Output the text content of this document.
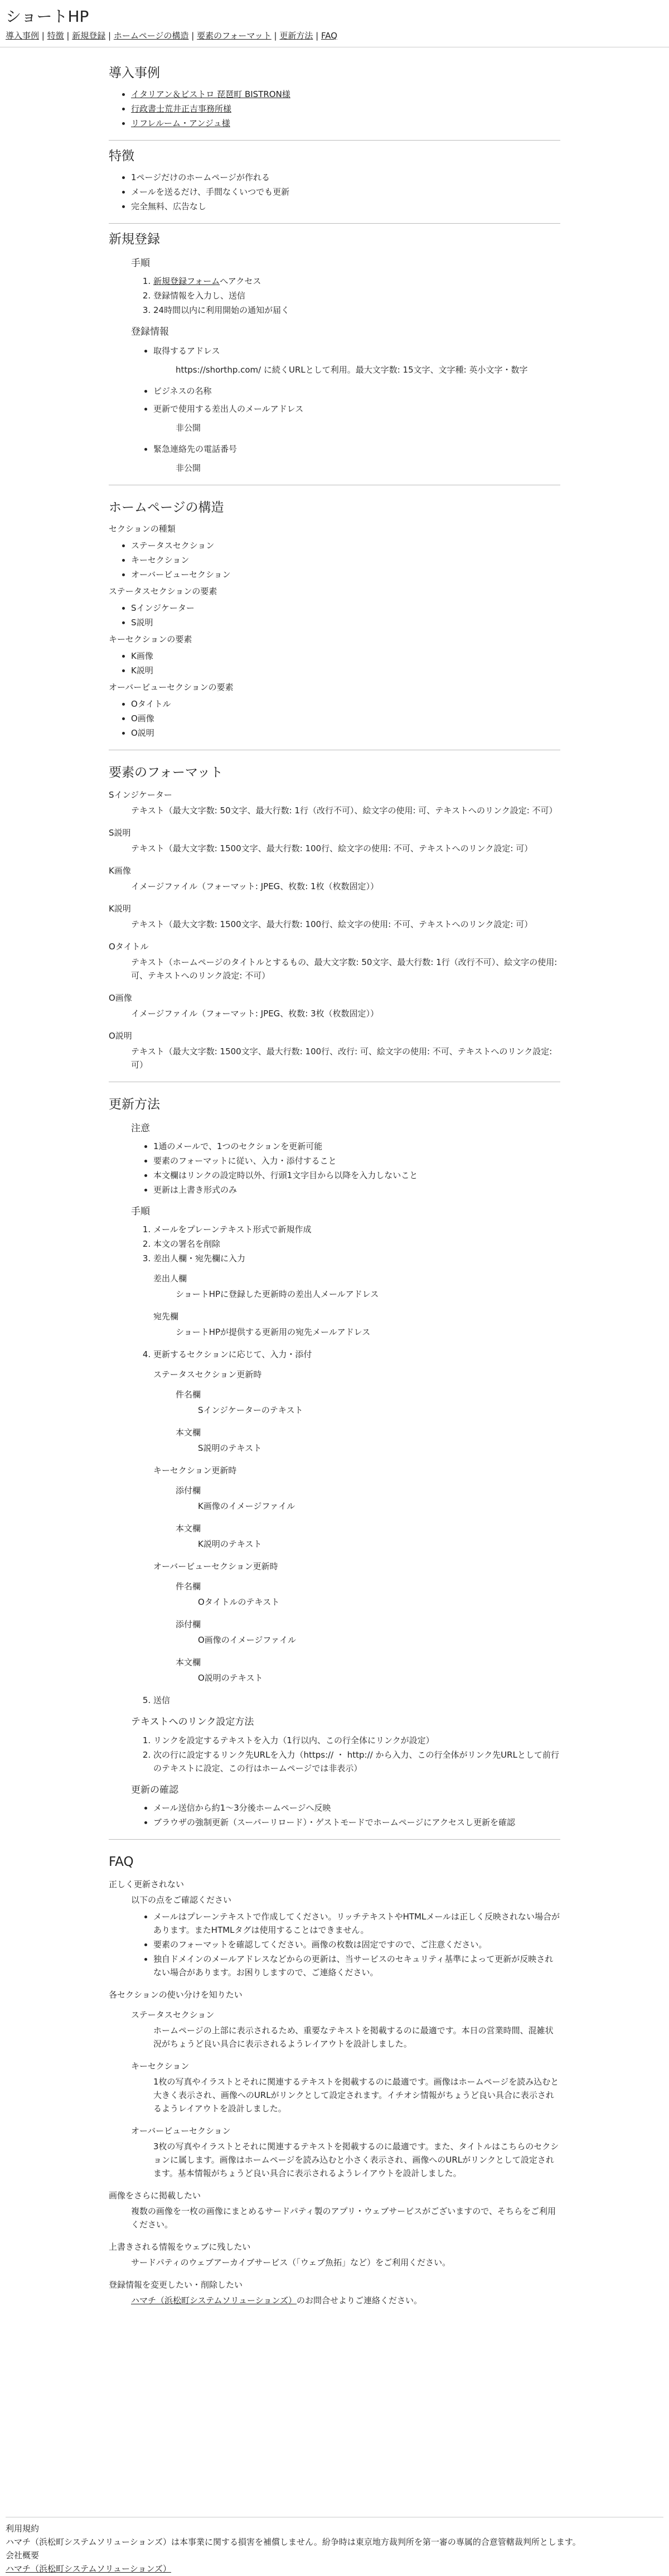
ショートHP
導入事例 | 特徴 | 新規登録 | ホームページの構造 | 要素のフォーマット | 更新方法 | FAQ
導入事例
• イタリアン＆ビストロ 琵琶町 BISTRON様
• 行政書士荒井正吉事務所様
• リフレルーム・アンジュ様
特徴
• 1ページだけのホームページが作れる
• メールを送るだけ、手間なくいつでも更新
• 完全無料、広告なし
新規登録
手順
1. 新規登録フォームへアクセス
2. 登録情報を入力し、送信
3. 24時間以内に利用開始の通知が届く
登録情報
• 取得するアドレス
https://shorthp.com/ に続くURLとして利用。最大文字数: 15文字、文字種: 英小文字・数字
• ビジネスの名称
• 更新で使用する差出人のメールアドレス
非公開
• 緊急連絡先の電話番号
非公開
ホームページの構造

セクションの種類

• ステータスセクション
• キーセクション
• オーバービューセクション

ステータスセクションの要素

• Sインジケーター
• S説明

キーセクションの要素

• K画像
• K説明

オーバービューセクションの要素

• Oタイトル
• O画像
• O説明
要素のフォーマット
Sインジケーター
テキスト（最大文字数: 50文字、最大行数: 1行（改行不可）、絵文字の使用: 可、テキストへのリンク設定: 不可）
S説明
テキスト（最大文字数: 1500文字、最大行数: 100行、絵文字の使用: 不可、テキストへのリンク設定: 可）
K画像
イメージファイル（フォーマット: JPEG、枚数: 1枚（枚数固定））
K説明
テキスト（最大文字数: 1500文字、最大行数: 100行、絵文字の使用: 不可、テキストへのリンク設定: 可）
Oタイトル
テキスト（ホームページのタイトルとするもの、最大文字数: 50文字、最大行数: 1行（改行不可）、絵文字の使用: 可、テキストへのリンク設定: 不可）
O画像
イメージファイル（フォーマット: JPEG、枚数: 3枚（枚数固定））
O説明
テキスト（最大文字数: 1500文字、最大行数: 100行、改行: 可、絵文字の使用: 不可、テキストへのリンク設定: 可）
更新方法
注意
• 1通のメールで、1つのセクションを更新可能
• 要素のフォーマットに従い、入力・添付すること
• 本文欄はリンクの設定時以外、行頭1文字目から以降を入力しないこと
• 更新は上書き形式のみ
手順
1. メールをプレーンテキスト形式で新規作成
2. 本文の署名を削除
3. 差出人欄・宛先欄に入力
差出人欄
ショートHPに登録した更新時の差出人メールアドレス
宛先欄
ショートHPが提供する更新用の宛先メールアドレス
4. 更新するセクションに応じて、入力・添付
ステータスセクション更新時
件名欄
Sインジケーターのテキスト
本文欄
S説明のテキスト
キーセクション更新時
添付欄
K画像のイメージファイル
本文欄
K説明のテキスト
オーバービューセクション更新時
件名欄
Oタイトルのテキスト
添付欄
O画像のイメージファイル
本文欄
O説明のテキスト
5. 送信
テキストへのリンク設定方法
1. リンクを設定するテキストを入力（1行以内、この行全体にリンクが設定）
2. 次の行に設定するリンク先URLを入力（https:// ・ http:// から入力、この行全体がリンク先URLとして前行のテキストに設定、この行はホームページでは非表示）
更新の確認
• メール送信から約1〜3分後ホームページへ反映
• ブラウザの強制更新（スーパーリロード）・ゲストモードでホームページにアクセスし更新を確認
FAQ
正しく更新されない
以下の点をご確認ください
• メールはプレーンテキストで作成してください。リッチテキストやHTMLメールは正しく反映されない場合があります。またHTMLタグは使用することはできません。
• 要素のフォーマットを確認してください。画像の枚数は固定ですので、ご注意ください。
• 独自ドメインのメールアドレスなどからの更新は、当サービスのセキュリティ基準によって更新が反映されない場合があります。お困りしますので、ご連絡ください。
各セクションの使い分けを知りたい
ステータスセクション
ホームページの上部に表示されるため、重要なテキストを掲載するのに最適です。本日の営業時間、混雑状況がちょうど良い具合に表示されるようレイアウトを設計しました。
キーセクション
1枚の写真やイラストとそれに関連するテキストを掲載するのに最適です。画像はホームページを読み込むと大きく表示され、画像へのURLがリンクとして設定されます。イチオシ情報がちょうど良い具合に表示されるようレイアウトを設計しました。
オーバービューセクション
3枚の写真やイラストとそれに関連するテキストを掲載するのに最適です。また、タイトルはこちらのセクションに属します。画像はホームページを読み込むと小さく表示され、画像へのURLがリンクとして設定されます。基本情報がちょうど良い具合に表示されるようレイアウトを設計しました。
画像をさらに掲載したい
複数の画像を一枚の画像にまとめるサードパティ製のアプリ・ウェブサービスがございますので、そちらをご利用ください。
上書きされる情報をウェブに残したい
サードパティのウェブアーカイブサービス（「ウェブ魚拓」など）をご利用ください。
登録情報を変更したい・削除したい
ハマチ（浜松町システムソリューションズ）のお問合せよりご連絡ください。

利用規約

ハマチ（浜松町システムソリューションズ）は本事業に関する損害を補償しません。紛争時は東京地方裁判所を第一審の専属的合意管轄裁判所とします。

会社概要

ハマチ（浜松町システムソリューションズ）
